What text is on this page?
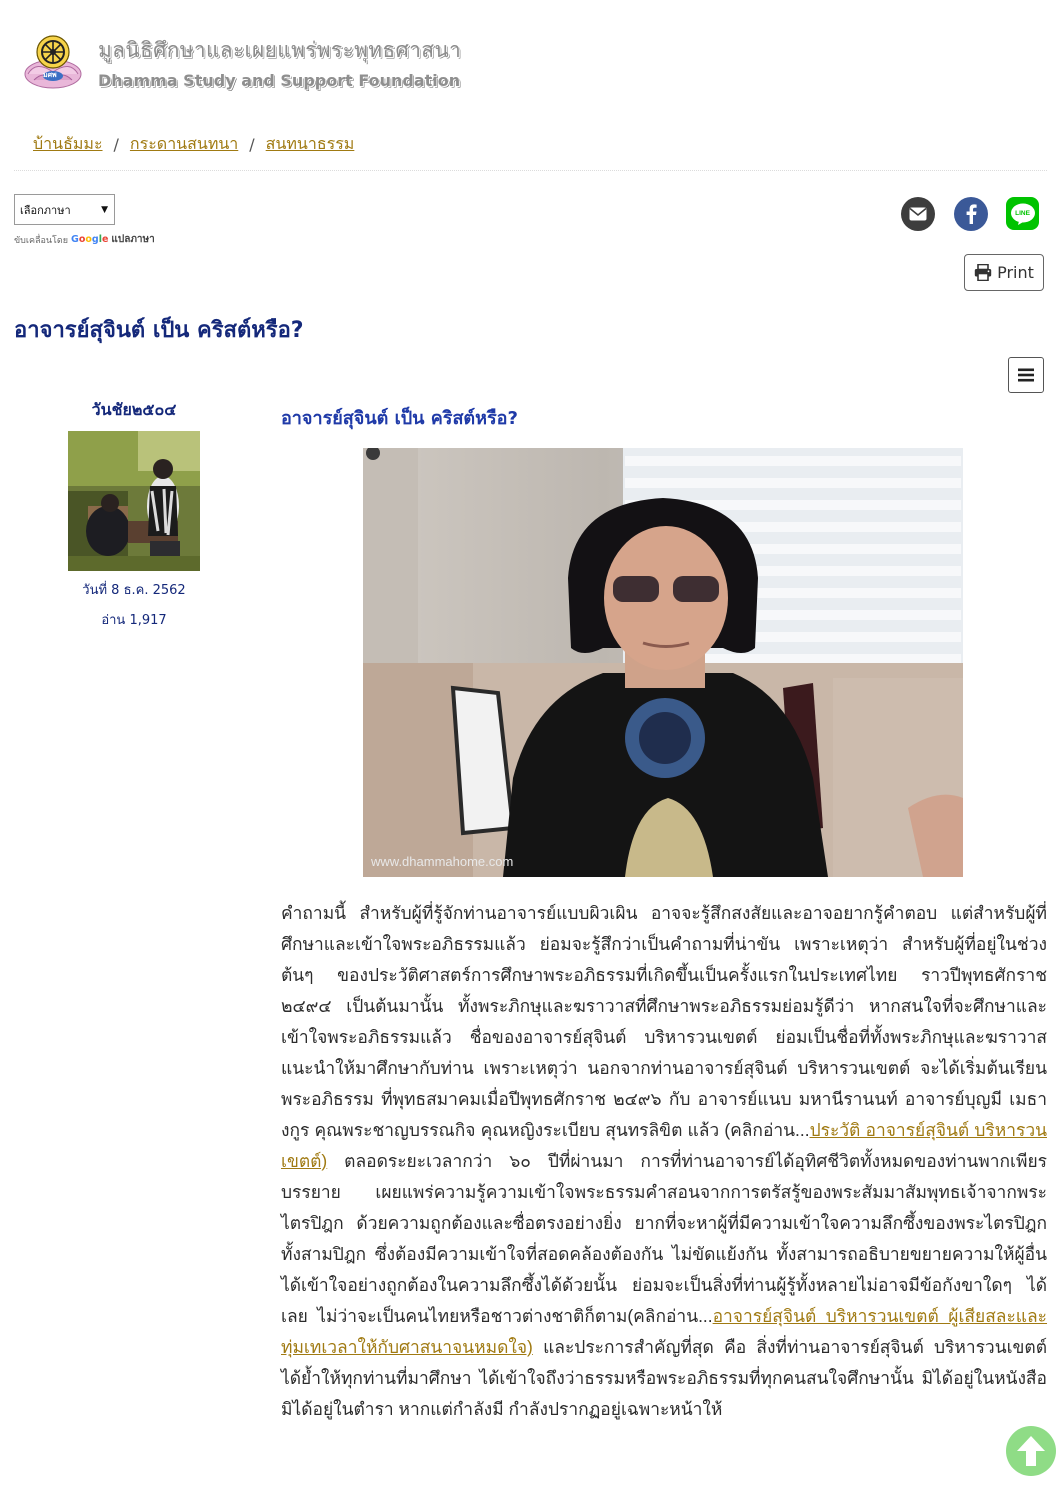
มศพ
มูลนิธิศึกษาและเผยแพร่พระพุทธศาสนา
Dhamma Study and Support Foundation
บ้านธัมมะ / กระดานสนทนา / สนทนาธรรม
เลือกภาษา	▼
ขับเคลื่อนโดย Google แปลภาษา
LINE
Print
อาจารย์สุจินต์ เป็น คริสต์หรือ?
วันชัย๒๕๐๔
วันที่ 8 ธ.ค. 2562
อ่าน 1,917
อาจารย์สุจินต์ เป็น คริสต์หรือ?
www.dhammahome.com
คำถามนี้ สำหรับผู้ที่รู้จักท่านอาจารย์แบบผิวเผิน อาจจะรู้สึกสงสัยและอาจอยากรู้คำตอบ แต่สำหรับผู้ที่ศึกษาและเข้าใจพระอภิธรรมแล้ว ย่อมจะรู้สึกว่าเป็นคำถามที่น่าขัน เพราะเหตุว่า สำหรับผู้ที่อยู่ในช่วงต้นๆ ของประวัติศาสตร์การศึกษาพระอภิธรรมที่เกิดขึ้นเป็นครั้งแรกในประเทศไทย ราวปีพุทธศักราช ๒๔๙๔ เป็นต้นมานั้น ทั้งพระภิกษุและฆราวาสที่ศึกษาพระอภิธรรมย่อมรู้ดีว่า หากสนใจที่จะศึกษาและเข้าใจพระอภิธรรมแล้ว ชื่อของอาจารย์สุจินต์ บริหารวนเขตต์ ย่อมเป็นชื่อที่ทั้งพระภิกษุและฆราวาสแนะนำให้มาศึกษากับท่าน เพราะเหตุว่า นอกจากท่านอาจารย์สุจินต์ บริหารวนเขตต์ จะได้เริ่มต้นเรียนพระอภิธรรม ที่พุทธสมาคมเมื่อปีพุทธศักราช ๒๔๙๖ กับ อาจารย์แนบ มหานีรานนท์ อาจารย์บุญมี เมธางกูร คุณพระชาญบรรณกิจ คุณหญิงระเบียบ สุนทรลิขิต แล้ว (คลิกอ่าน...ประวัติ อาจารย์สุจินต์ บริหารวนเขตต์) ตลอดระยะเวลากว่า ๖๐ ปีที่ผ่านมา การที่ท่านอาจารย์ได้อุทิศชีวิตทั้งหมดของท่านพากเพียรบรรยาย เผยแพร่ความรู้ความเข้าใจพระธรรมคำสอนจากการตรัสรู้ของพระสัมมาสัมพุทธเจ้าจากพระไตรปิฎก ด้วยความถูกต้องและซื่อตรงอย่างยิ่ง ยากที่จะหาผู้ที่มีความเข้าใจความลึกซึ้งของพระไตรปิฎกทั้งสามปิฎก ซึ่งต้องมีความเข้าใจที่สอดคล้องต้องกัน ไม่ขัดแย้งกัน ทั้งสามารถอธิบายขยายความให้ผู้อื่นได้เข้าใจอย่างถูกต้องในความลึกซึ้งได้ด้วยนั้น ย่อมจะเป็นสิ่งที่ท่านผู้รู้ทั้งหลายไม่อาจมีข้อกังขาใดๆ ได้เลย ไม่ว่าจะเป็นคนไทยหรือชาวต่างชาติก็ตาม(คลิกอ่าน...อาจารย์สุจินต์ บริหารวนเขตต์ ผู้เสียสละและทุ่มเทเวลาให้กับศาสนาจนหมดใจ) และประการสำคัญที่สุด คือ สิ่งที่ท่านอาจารย์สุจินต์ บริหารวนเขตต์ ได้ย้ำให้ทุกท่านที่มาศึกษา ได้เข้าใจถึงว่าธรรมหรือพระอภิธรรมที่ทุกคนสนใจศึกษานั้น มิได้อยู่ในหนังสือ มิได้อยู่ในตำรา หากแต่กำลังมี กำลังปรากฏอยู่เฉพาะหน้าให้
